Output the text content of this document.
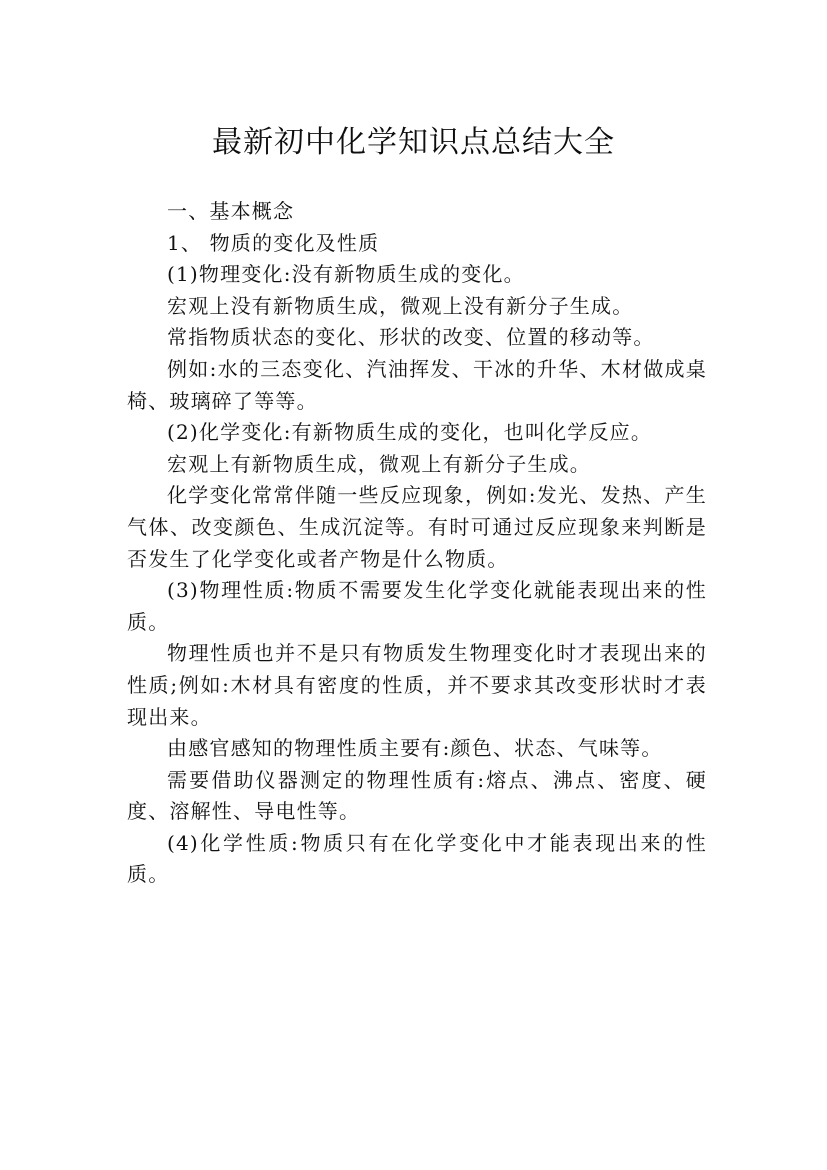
最新初中化学知识点总结大全

一、基本概念

1、 物质的变化及性质

(1)物理变化:没有新物质生成的变化。

宏观上没有新物质生成，微观上没有新分子生成。

常指物质状态的变化、形状的改变、位置的移动等。

例如:水的三态变化、汽油挥发、干冰的升华、木材做成桌椅、玻璃碎了等等。

(2)化学变化:有新物质生成的变化，也叫化学反应。

宏观上有新物质生成，微观上有新分子生成。

化学变化常常伴随一些反应现象，例如:发光、发热、产生气体、改变颜色、生成沉淀等。有时可通过反应现象来判断是否发生了化学变化或者产物是什么物质。

(3)物理性质:物质不需要发生化学变化就能表现出来的性质。

物理性质也并不是只有物质发生物理变化时才表现出来的性质;例如:木材具有密度的性质，并不要求其改变形状时才表现出来。

由感官感知的物理性质主要有:颜色、状态、气味等。

需要借助仪器测定的物理性质有:熔点、沸点、密度、硬度、溶解性、导电性等。

(4)化学性质:物质只有在化学变化中才能表现出来的性质。
